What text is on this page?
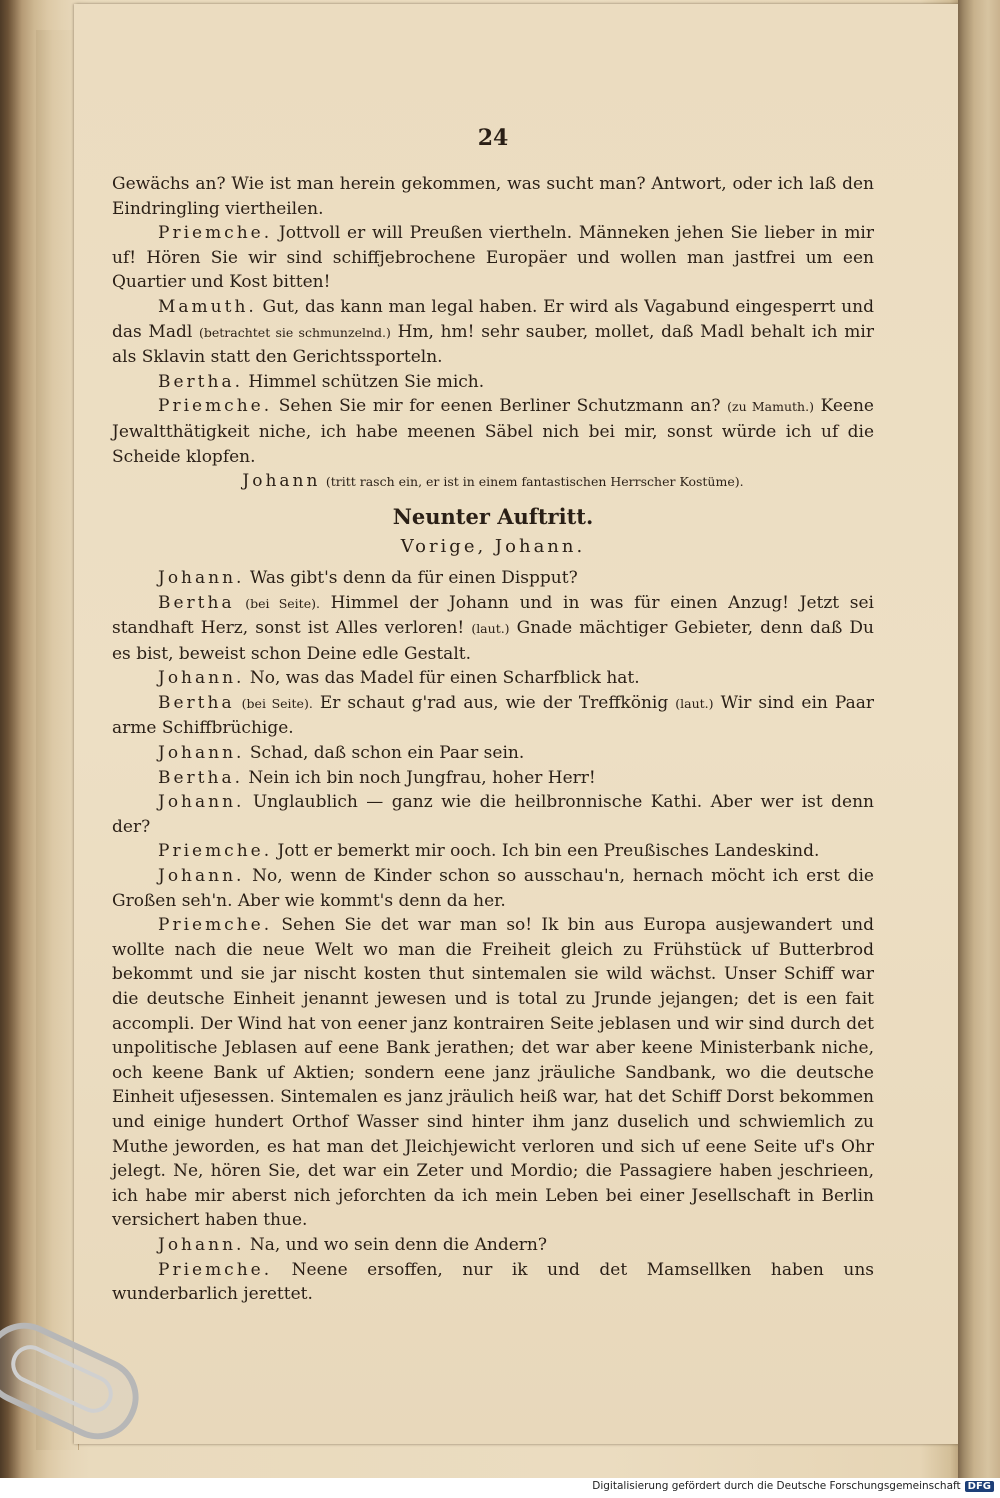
24

Gewächs an? Wie ist man herein gekommen, was sucht man? Antwort, oder ich laß den Eindringling viertheilen.

Priemche. Jottvoll er will Preußen viertheln. Männeken jehen Sie lieber in mir uf! Hören Sie wir sind schiffjebrochene Europäer und wollen man jastfrei um een Quartier und Kost bitten!

Mamuth. Gut, das kann man legal haben. Er wird als Vagabund eingesperrt und das Madl (betrachtet sie schmunzelnd.) Hm, hm! sehr sauber, mollet, daß Madl behalt ich mir als Sklavin statt den Gerichtssporteln.

Bertha. Himmel schützen Sie mich.

Priemche. Sehen Sie mir for eenen Berliner Schutzmann an? (zu Mamuth.) Keene Jewaltthätigkeit niche, ich habe meenen Säbel nich bei mir, sonst würde ich uf die Scheide klopfen.

Johann (tritt rasch ein, er ist in einem fantastischen Herrscher Kostüme).

Neunter Auftritt.
Vorige, Johann.

Johann. Was gibt's denn da für einen Dispput?

Bertha (bei Seite). Himmel der Johann und in was für einen Anzug! Jetzt sei standhaft Herz, sonst ist Alles verloren! (laut.) Gnade mächtiger Gebieter, denn daß Du es bist, beweist schon Deine edle Gestalt.

Johann. No, was das Madel für einen Scharfblick hat.

Bertha (bei Seite). Er schaut g'rad aus, wie der Treffkönig (laut.) Wir sind ein Paar arme Schiffbrüchige.

Johann. Schad, daß schon ein Paar sein.

Bertha. Nein ich bin noch Jungfrau, hoher Herr!

Johann. Unglaublich — ganz wie die heilbronnische Kathi. Aber wer ist denn der?

Priemche. Jott er bemerkt mir ooch. Ich bin een Preußisches Landeskind.

Johann. No, wenn de Kinder schon so ausschau'n, hernach möcht ich erst die Großen seh'n. Aber wie kommt's denn da her.

Priemche. Sehen Sie det war man so! Ik bin aus Europa ausjewandert und wollte nach die neue Welt wo man die Freiheit gleich zu Frühstück uf Butterbrod bekommt und sie jar nischt kosten thut sintemalen sie wild wächst. Unser Schiff war die deutsche Einheit jenannt jewesen und is total zu Jrunde jejangen; det is een fait accompli. Der Wind hat von eener janz kontrairen Seite jeblasen und wir sind durch det unpolitische Jeblasen auf eene Bank jerathen; det war aber keene Ministerbank niche, och keene Bank uf Aktien; sondern eene janz jräuliche Sandbank, wo die deutsche Einheit ufjesessen. Sintemalen es janz jräulich heiß war, hat det Schiff Dorst bekommen und einige hundert Orthof Wasser sind hinter ihm janz duselich und schwiemlich zu Muthe jeworden, es hat man det Jleichjewicht verloren und sich uf eene Seite uf's Ohr jelegt. Ne, hören Sie, det war ein Zeter und Mordio; die Passagiere haben jeschrieen, ich habe mir aberst nich jeforchten da ich mein Leben bei einer Jesellschaft in Berlin versichert haben thue.

Johann. Na, und wo sein denn die Andern?

Priemche. Neene ersoffen, nur ik und det Mamsellken haben uns wunderbarlich jerettet.

Digitalisierung gefördert durch die Deutsche Forschungsgemeinschaft DFG
